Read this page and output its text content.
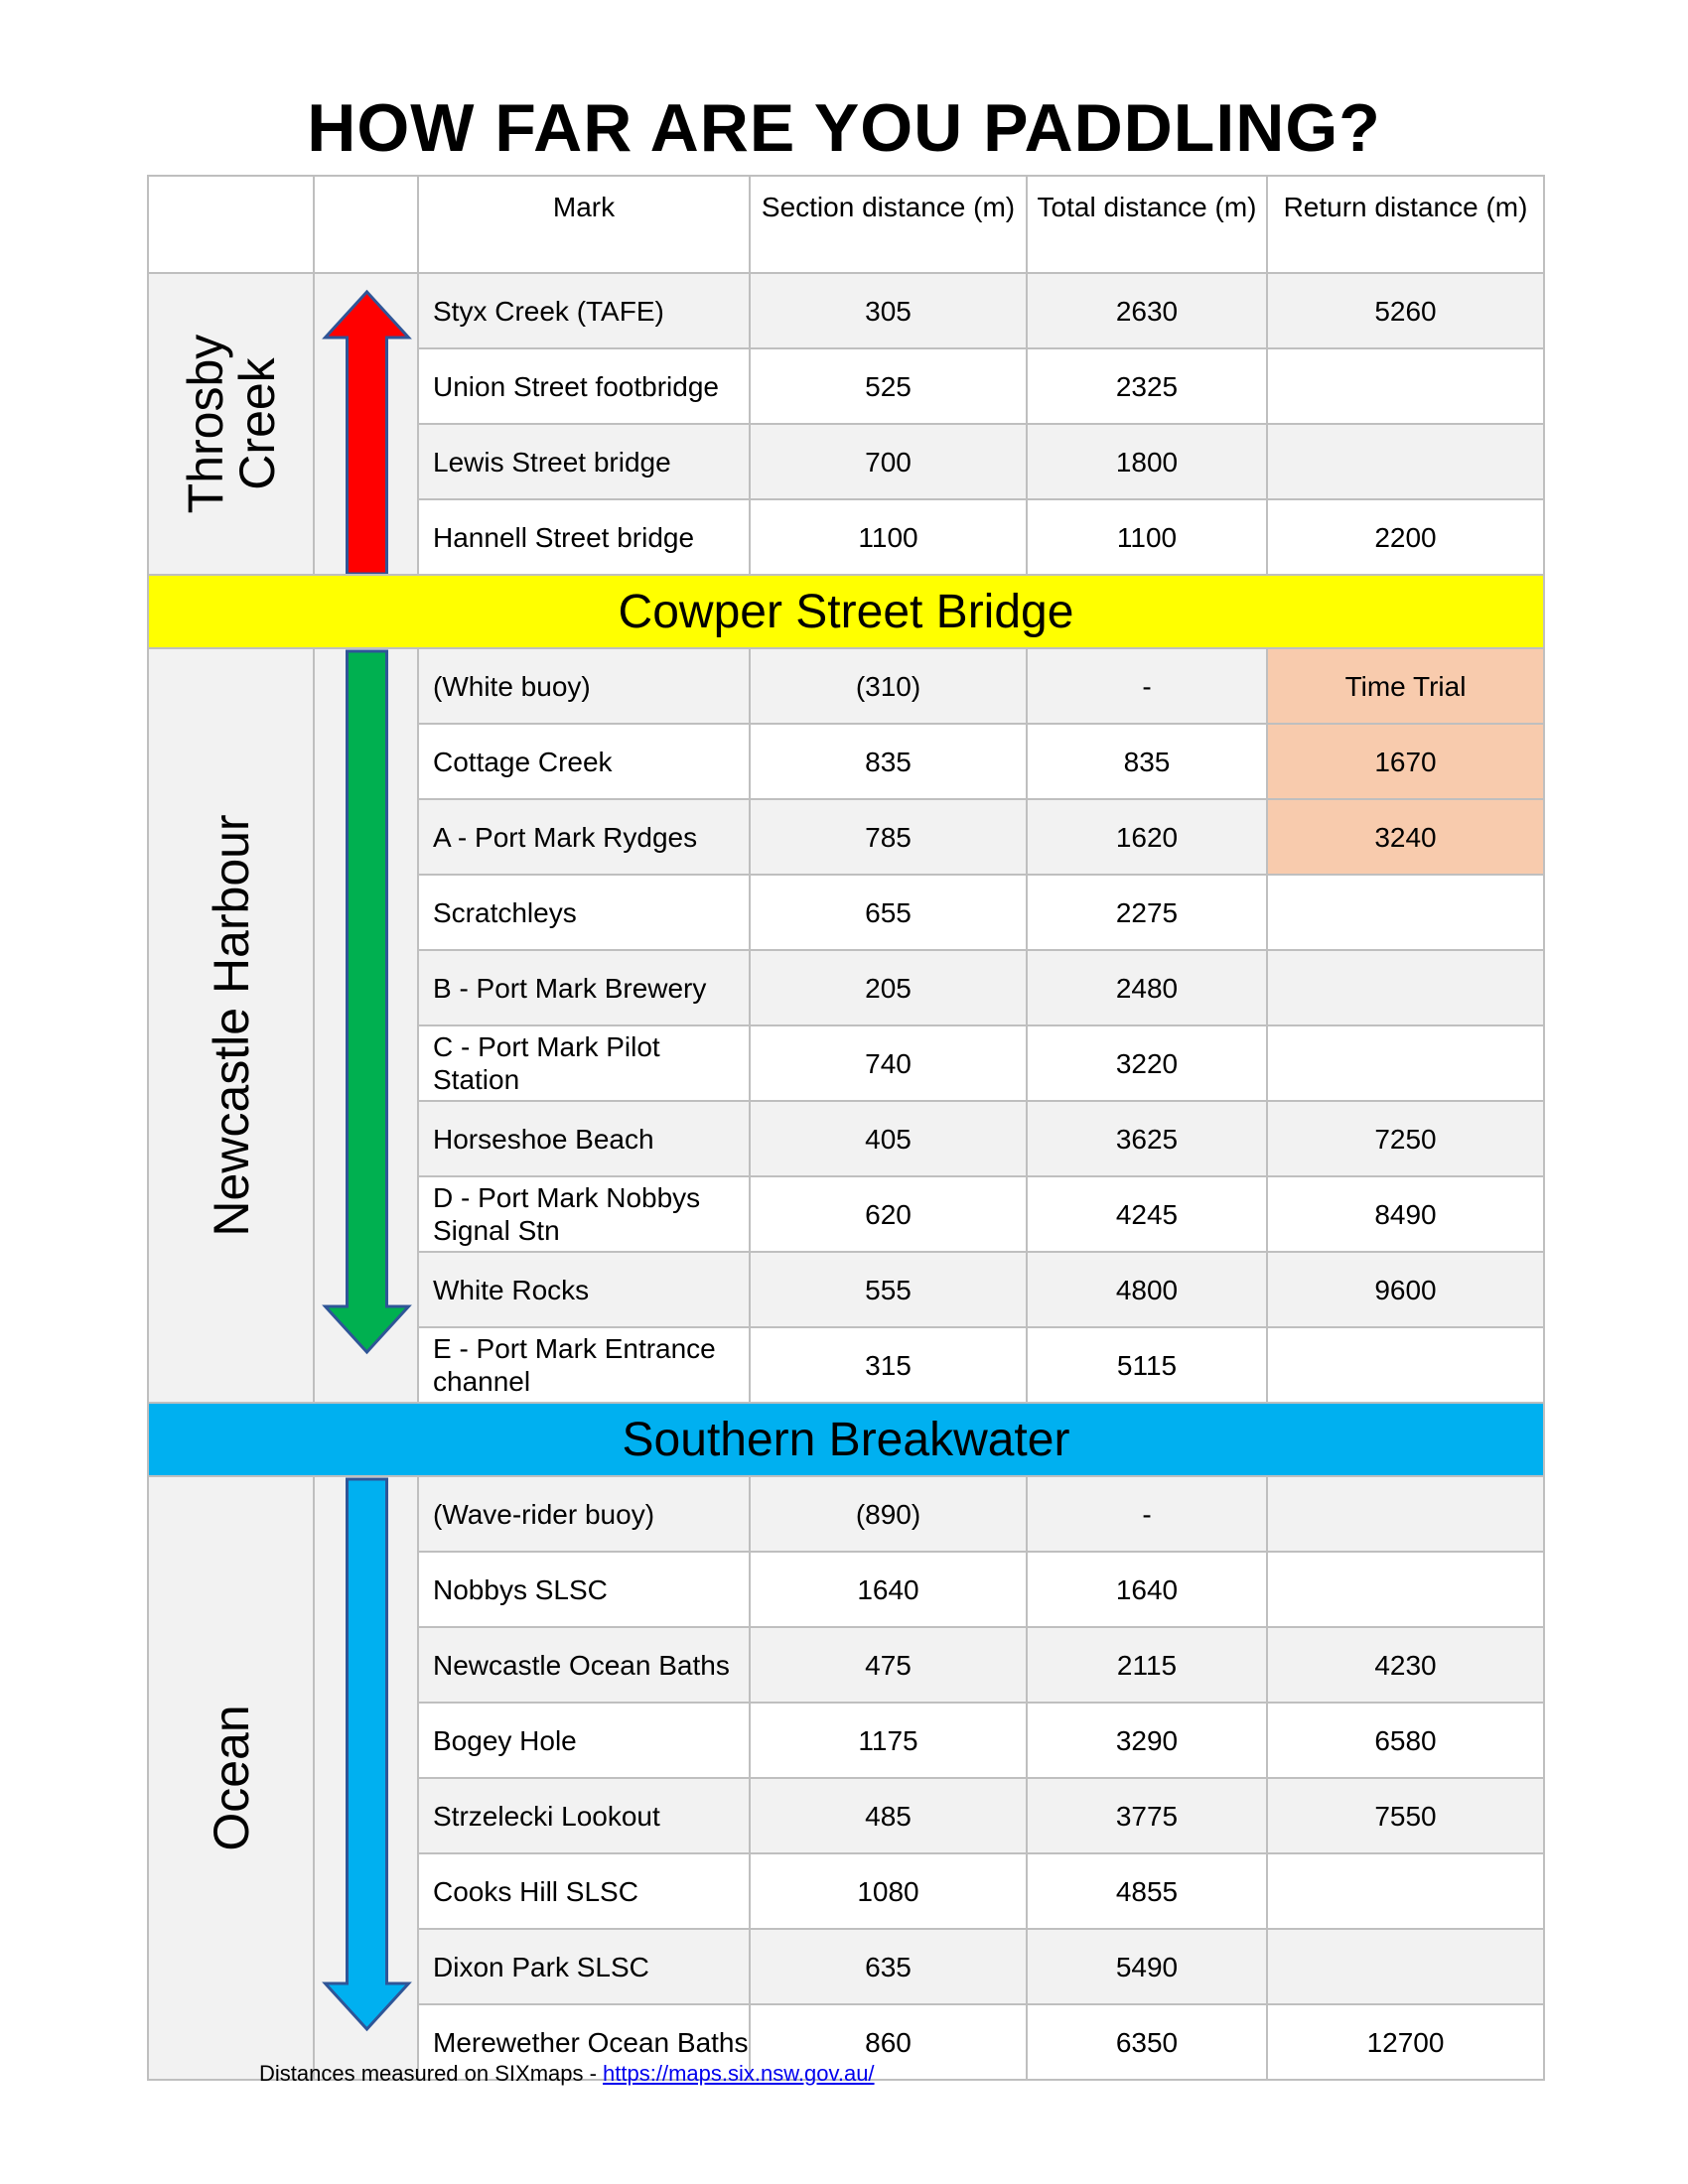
HOW FAR ARE YOU PADDLING?
		Mark	Section distance (m)	Total distance (m)	Return distance (m)

Throsby Creek		Styx Creek (TAFE)	305	2630	5260
		Union Street footbridge	525	2325	
		Lewis Street bridge	700	1800	
		Hannell Street bridge	1100	1100	2200
Cowper Street Bridge					

Newcastle Harbour		(White buoy)	(310)	-	Time Trial
		Cottage Creek	835	835	1670
		A - Port Mark Rydges	785	1620	3240
		Scratchleys	655	2275	
		B - Port Mark Brewery	205	2480	
		C - Port Mark Pilot Station	740	3220	
		Horseshoe Beach	405	3625	7250
		D - Port Mark Nobbys Signal Stn	620	4245	8490
		White Rocks	555	4800	9600
		E - Port Mark Entrance channel	315	5115	
Southern Breakwater					

Ocean		(Wave-rider buoy)	(890)	-	
		Nobbys SLSC	1640	1640	
		Newcastle Ocean Baths	475	2115	4230
		Bogey Hole	1175	3290	6580
		Strzelecki Lookout	485	3775	7550
		Cooks Hill SLSC	1080	4855	
		Dixon Park SLSC	635	5490	
		Merewether Ocean Baths	860	6350	12700
Distances measured on SIXmaps - https://maps.six.nsw.gov.au/
